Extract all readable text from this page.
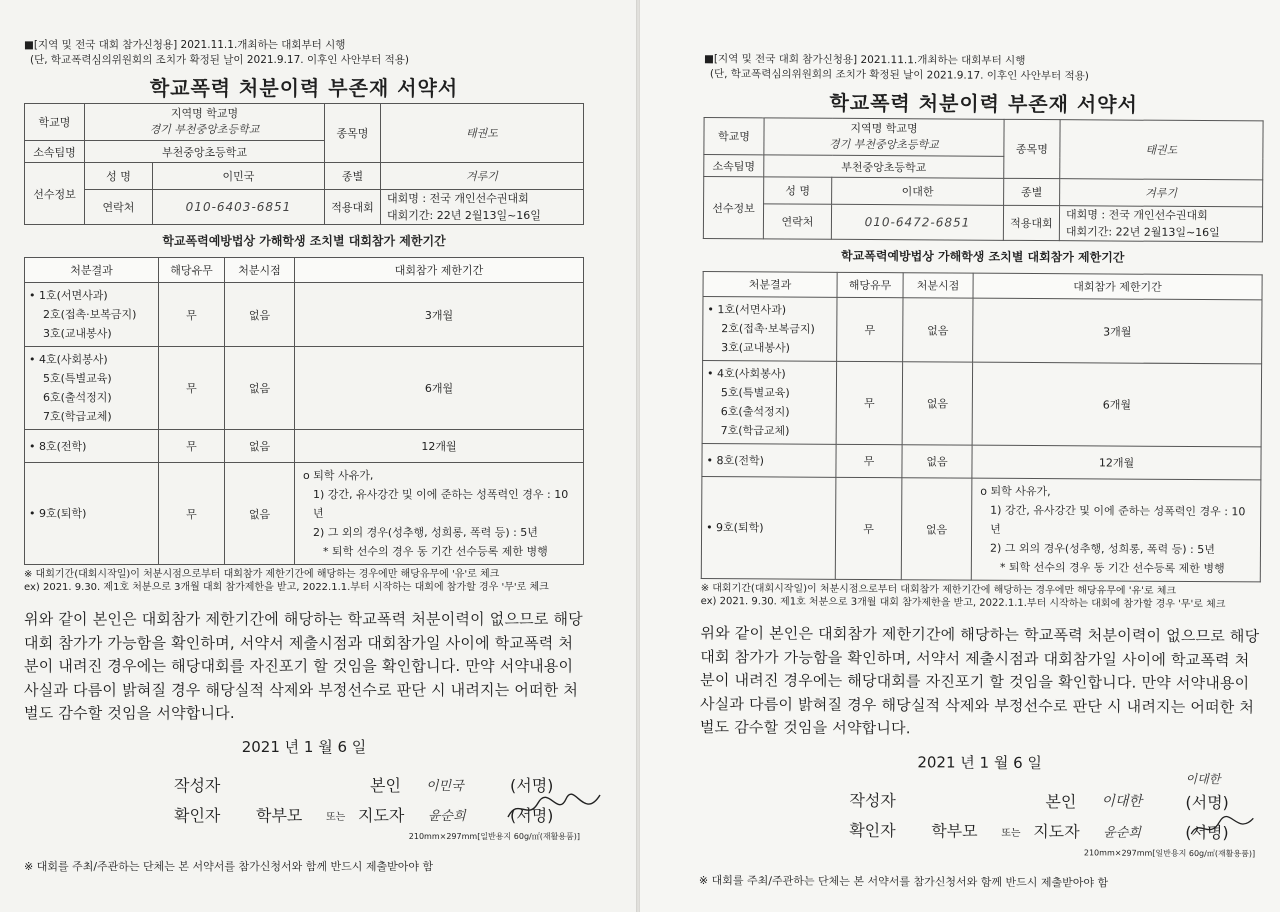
■[지역 및 전국 대회 참가신청용] 2021.11.1.개최하는 대회부터 시행
(단, 학교폭력심의위원회의 조치가 확정된 날이 2021.9.17. 이후인 사안부터 적용)
학교폭력 처분이력 부존재 서약서
학교명	지역명 학교명
경기 부천중앙초등학교		종목명	태권도
소속팀명	부천중앙초등학교			
선수정보	성 명	이민국	종별	겨루기
	연락처	010-6403-6851	적용대회	대회명 : 전국 개인선수권대회
대회기간: 22년 2월13일~16일
학교폭력예방법상 가해학생 조치별 대회참가 제한기간
처분결과	해당유무	처분시점	대회참가 제한기간

• 1호(서면사과)
2호(접촉·보복금지)
3호(교내봉사)	무	없음	3개월

• 4호(사회봉사)
5호(특별교육)
6호(출석정지)
7호(학급교체)	무	없음	6개월
• 8호(전학)	무	없음	12개월
• 9호(퇴학)	무	없음	o 퇴학 사유가,
1) 강간, 유사강간 및 이에 준하는 성폭력인 경우 : 10년
2) 그 외의 경우(성추행, 성희롱, 폭력 등) : 5년
* 퇴학 선수의 경우 동 기간 선수등록 제한 병행
※ 대회기간(대회시작일)이 처분시점으로부터 대회참가 제한기간에 해당하는 경우에만 해당유무에 '유'로 체크
ex) 2021. 9.30. 제1호 처분으로 3개월 대회 참가제한을 받고, 2022.1.1.부터 시작하는 대회에 참가할 경우 '무'로 체크
위와 같이 본인은 대회참가 제한기간에 해당하는 학교폭력 처분이력이 없으므로 해당 대회 참가가 가능함을 확인하며, 서약서 제출시점과 대회참가일 사이에 학교폭력 처분이 내려진 경우에는 해당대회를 자진포기 할 것임을 확인합니다. 만약 서약내용이 사실과 다름이 밝혀질 경우 해당실적 삭제와 부정선수로 판단 시 내려지는 어떠한 처벌도 감수할 것임을 서약합니다.
2021 년 1 월 6 일
작성자	본인 이민국	(서명)
확인자 학부모 또는 지도자 윤순희	(서명)
210mm×297mm[일반용지 60g/㎡(재활용품)]
※ 대회를 주최/주관하는 단체는 본 서약서를 참가신청서와 함께 반드시 제출받아야 함
■[지역 및 전국 대회 참가신청용] 2021.11.1.개최하는 대회부터 시행
(단, 학교폭력심의위원회의 조치가 확정된 날이 2021.9.17. 이후인 사안부터 적용)
학교폭력 처분이력 부존재 서약서
학교명	지역명 학교명
경기 부천중앙초등학교		종목명	태권도
소속팀명	부천중앙초등학교			
선수정보	성 명	이대한	종별	겨루기
	연락처	010-6472-6851	적용대회	대회명 : 전국 개인선수권대회
대회기간: 22년 2월13일~16일
학교폭력예방법상 가해학생 조치별 대회참가 제한기간
처분결과	해당유무	처분시점	대회참가 제한기간

• 1호(서면사과)
2호(접촉·보복금지)
3호(교내봉사)	무	없음	3개월

• 4호(사회봉사)
5호(특별교육)
6호(출석정지)
7호(학급교체)	무	없음	6개월
• 8호(전학)	무	없음	12개월
• 9호(퇴학)	무	없음	o 퇴학 사유가,
1) 강간, 유사강간 및 이에 준하는 성폭력인 경우 : 10년
2) 그 외의 경우(성추행, 성희롱, 폭력 등) : 5년
* 퇴학 선수의 경우 동 기간 선수등록 제한 병행
※ 대회기간(대회시작일)이 처분시점으로부터 대회참가 제한기간에 해당하는 경우에만 해당유무에 '유'로 체크
ex) 2021. 9.30. 제1호 처분으로 3개월 대회 참가제한을 받고, 2022.1.1.부터 시작하는 대회에 참가할 경우 '무'로 체크
위와 같이 본인은 대회참가 제한기간에 해당하는 학교폭력 처분이력이 없으므로 해당 대회 참가가 가능함을 확인하며, 서약서 제출시점과 대회참가일 사이에 학교폭력 처분이 내려진 경우에는 해당대회를 자진포기 할 것임을 확인합니다. 만약 서약내용이 사실과 다름이 밝혀질 경우 해당실적 삭제와 부정선수로 판단 시 내려지는 어떠한 처벌도 감수할 것임을 서약합니다.
2021 년 1 월 6 일
이대한
작성자	본인 이대한	(서명)
확인자 학부모 또는 지도자 윤순희	(서명)
210mm×297mm[일반용지 60g/㎡(재활용품)]
※ 대회를 주최/주관하는 단체는 본 서약서를 참가신청서와 함께 반드시 제출받아야 함
